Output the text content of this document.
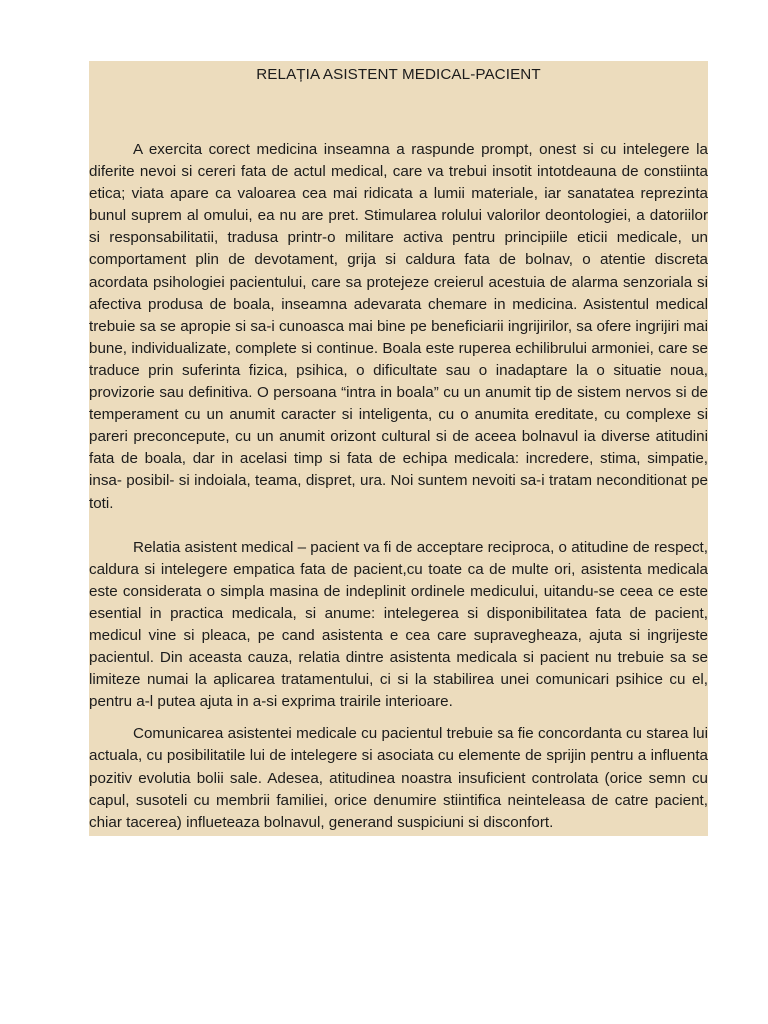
RELAȚIA ASISTENT MEDICAL-PACIENT

A exercita corect medicina inseamna a raspunde prompt, onest si cu intelegere la diferite nevoi si cereri fata de actul medical, care va trebui insotit intotdeauna de constiinta etica; viata apare ca valoarea cea mai ridicata a lumii materiale, iar sanatatea reprezinta bunul suprem al omului, ea nu are pret. Stimularea rolului valorilor deontologiei, a datoriilor si responsabilitatii, tradusa printr-o militare activa pentru principiile eticii medicale, un comportament plin de devotament, grija si caldura fata de bolnav, o atentie discreta acordata psihologiei pacientului, care sa protejeze creierul acestuia de alarma senzoriala si afectiva produsa de boala, inseamna adevarata chemare in medicina. Asistentul medical trebuie sa se apropie si sa-i cunoasca mai bine pe beneficiarii ingrijirilor, sa ofere ingrijiri mai bune, individualizate, complete si continue. Boala este ruperea echilibrului armoniei, care se traduce prin suferinta fizica, psihica, o dificultate sau o inadaptare la o situatie noua, provizorie sau definitiva. O persoana “intra in boala” cu un anumit tip de sistem nervos si de temperament cu un anumit caracter si inteligenta, cu o anumita ereditate, cu complexe si pareri preconcepute, cu un anumit orizont cultural si de aceea bolnavul ia diverse atitudini fata de boala, dar in acelasi timp si fata de echipa medicala: incredere, stima, simpatie, insa- posibil- si indoiala, teama, dispret, ura. Noi suntem nevoiti sa-i tratam neconditionat pe toti.

Relatia asistent medical – pacient va fi de acceptare reciproca, o atitudine de respect, caldura si intelegere empatica fata de pacient,cu toate ca de multe ori, asistenta medicala este considerata o simpla masina de indeplinit ordinele medicului, uitandu-se ceea ce este esential in practica medicala, si anume: intelegerea si disponibilitatea fata de pacient, medicul vine si pleaca, pe cand asistenta e cea care supravegheaza, ajuta si ingrijeste pacientul. Din aceasta cauza, relatia dintre asistenta medicala si pacient nu trebuie sa se limiteze numai la aplicarea tratamentului, ci si la stabilirea unei comunicari psihice cu el, pentru a-l putea ajuta in a-si exprima trairile interioare.

Comunicarea asistentei medicale cu pacientul trebuie sa fie concordanta cu starea lui actuala, cu posibilitatile lui de intelegere si asociata cu elemente de sprijin pentru a influenta pozitiv evolutia bolii sale. Adesea, atitudinea noastra insuficient controlata (orice semn cu capul, susoteli cu membrii familiei, orice denumire stiintifica neinteleasa de catre pacient, chiar tacerea) influeteaza bolnavul, generand suspiciuni si disconfort.
